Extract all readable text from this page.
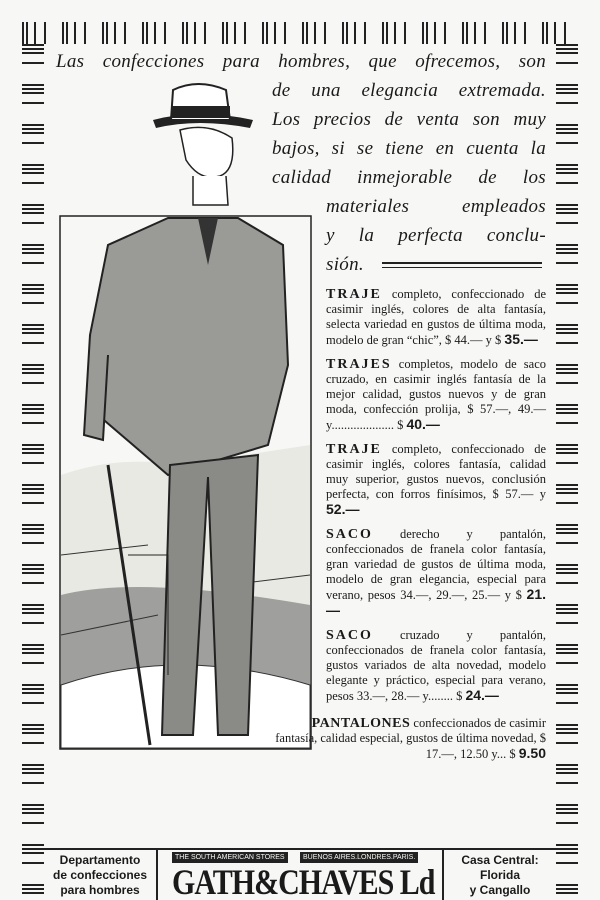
Las confecciones para hombres, que ofrecemos, son
de una elegancia extremada.
Los precios de venta son muy
bajos, si se tiene en cuenta la
calidad inmejorable de los
materiales empleados
y la perfecta conclu-
sión.
TRAJE completo, confeccionado de casimir inglés, colores de alta fantasía, selecta variedad en gustos de última moda, modelo de gran “chic”, $ 44.— y $ 35.—
TRAJES completos, modelo de saco cruzado, en casimir inglés fantasía de la mejor calidad, gustos nuevos y de gran moda, confección prolija, $ 57.—, 49.— y.................... $ 40.—
TRAJE completo, confeccionado de casimir inglés, colores fantasía, calidad muy superior, gustos nuevos, conclusión perfecta, con forros finísimos, $ 57.— y 52.—
SACO derecho y pantalón, confeccionados de franela color fantasía, gran variedad de gustos de última moda, modelo de gran elegancia, especial para verano, pesos 34.—, 29.—, 25.— y $ 21.—
SACO cruzado y pantalón, confeccionados de franela color fantasía, gustos variados de alta novedad, modelo elegante y práctico, especial para verano, pesos 33.—, 28.— y........ $ 24.—
PANTALONES confeccionados de casimir fantasía, calidad especial, gustos de última novedad, $ 17.—, 12.50 y... $ 9.50
Departamento
de confecciones
para hombres
THE SOUTH AMERICAN STORES	BUENOS AIRES.LONDRES.PARIS.
GATH&CHAVES Ld
Casa Central:
Florida
y Cangallo
